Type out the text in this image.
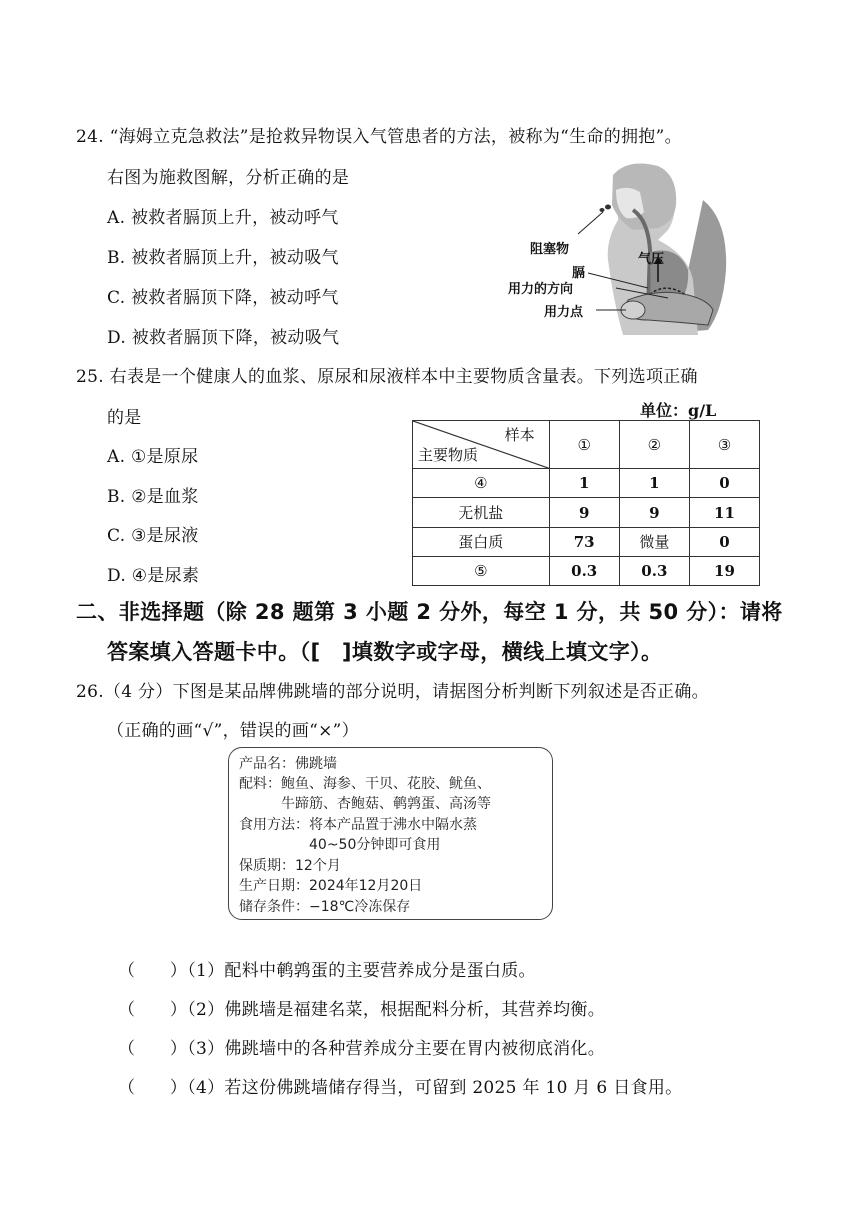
24. “海姆立克急救法”是抢救异物误入气管患者的方法，被称为“生命的拥抱”。
右图为施救图解，分析正确的是
A. 被救者膈顶上升，被动呼气
B. 被救者膈顶上升，被动吸气
C. 被救者膈顶下降，被动呼气
D. 被救者膈顶下降，被动吸气
阻塞物
气压
膈
用力的方向
用力点
25. 右表是一个健康人的血浆、原尿和尿液样本中主要物质含量表。下列选项正确
的是	单位：g/L
A. ①是原尿
B. ②是血浆
C. ③是尿液
D. ④是尿素
样本
主要物质	①	②	③
④	1	1	0
无机盐	9	9	11
蛋白质	73	微量	0
⑤	0.3	0.3	19
二、非选择题（除 28 题第 3 小题 2 分外，每空 1 分，共 50 分）：请将
答案填入答题卡中。（[　]填数字或字母，横线上填文字）。
26.（4 分）下图是某品牌佛跳墙的部分说明，请据图分析判断下列叙述是否正确。
（正确的画“√”，错误的画“×”）
产品名：佛跳墙
配料：鲍鱼、海参、干贝、花胶、鱿鱼、
牛蹄筋、杏鲍菇、鹌鹑蛋、高汤等
食用方法：将本产品置于沸水中隔水蒸
40~50分钟即可食用
保质期：12个月
生产日期：2024年12月20日
储存条件：−18℃冷冻保存
（　　）（1）配料中鹌鹑蛋的主要营养成分是蛋白质。
（　　）（2）佛跳墙是福建名菜，根据配料分析，其营养均衡。
（　　）（3）佛跳墙中的各种营养成分主要在胃内被彻底消化。
（　　）（4）若这份佛跳墙储存得当，可留到 2025 年 10 月 6 日食用。
